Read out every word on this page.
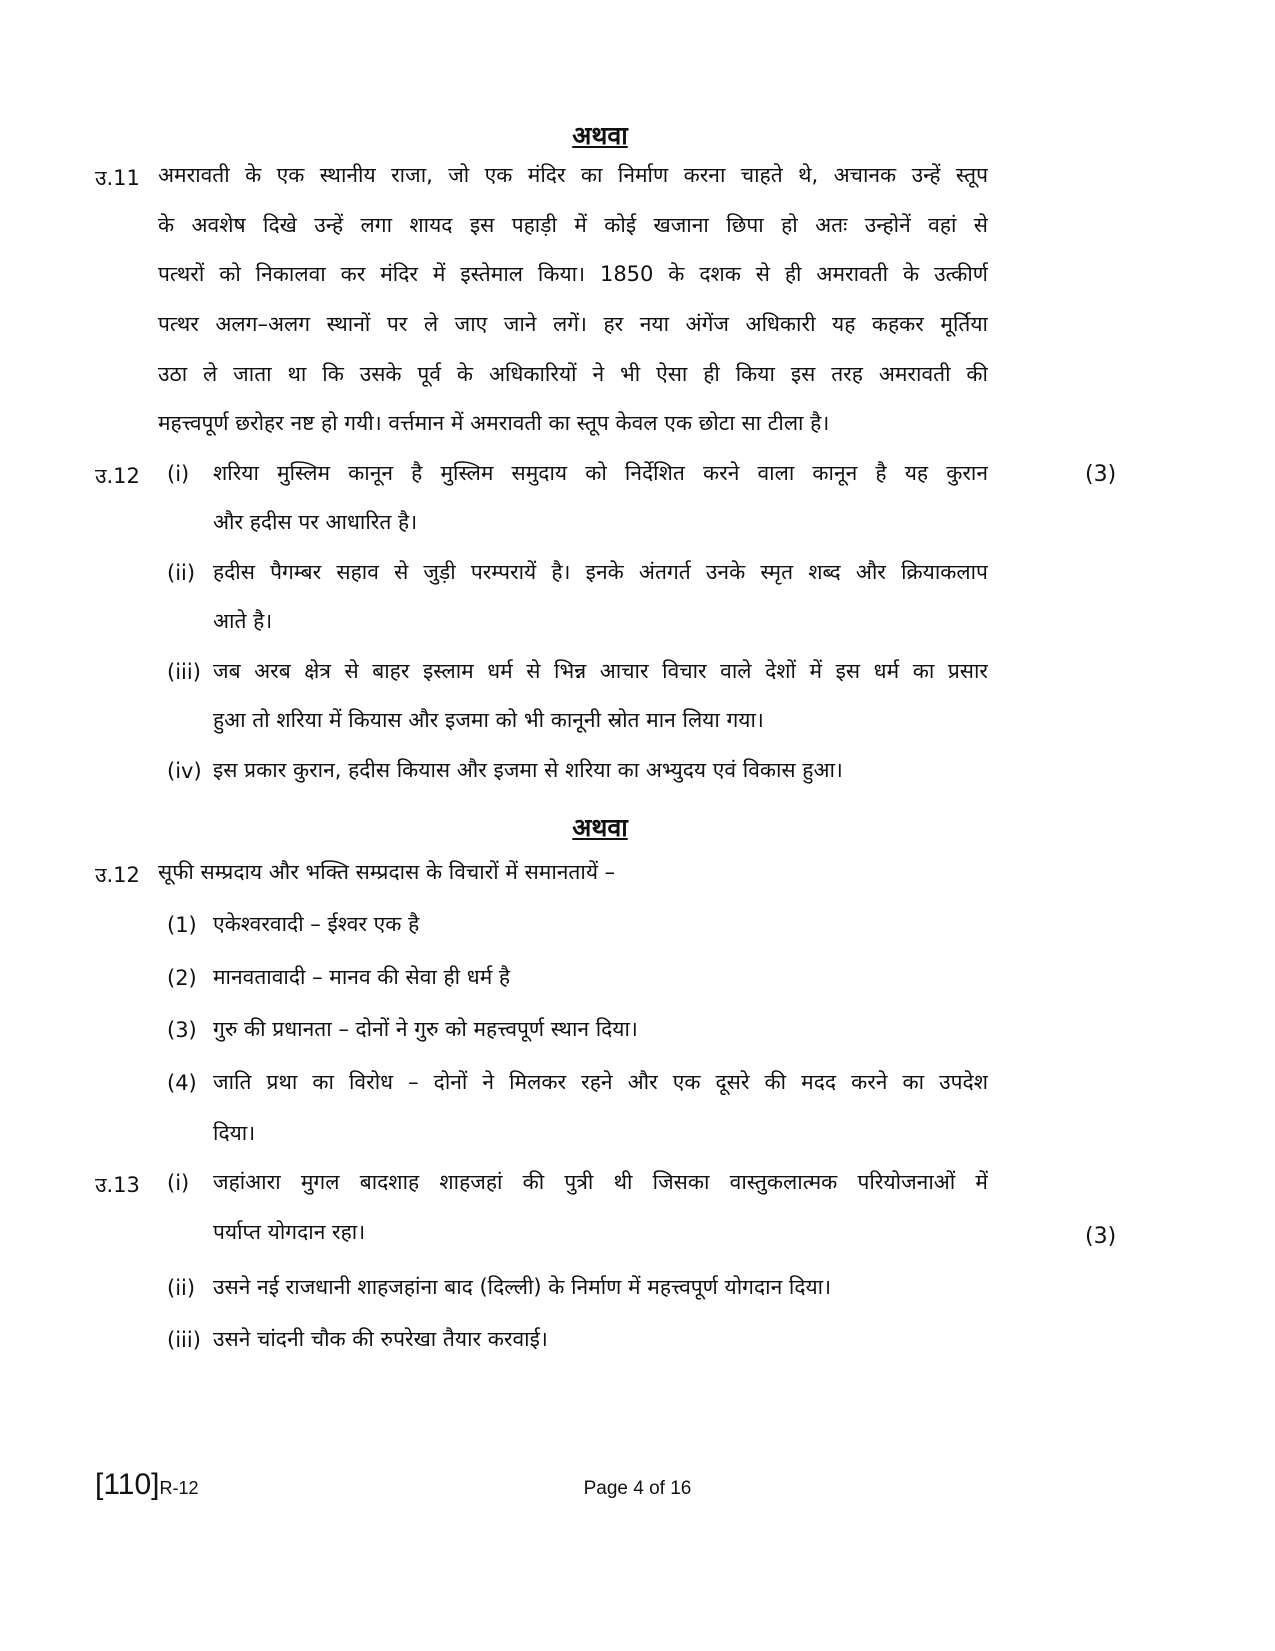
अथवा
उ.11 अमरावती के एक स्थानीय राजा, जो एक मंदिर का निर्माण करना चाहते थे, अचानक उन्हें स्तूप
के अवशेष दिखे उन्हें लगा शायद इस पहाड़ी में कोई खजाना छिपा हो अतः उन्होनें वहां से
पत्थरों को निकालवा कर मंदिर में इस्तेमाल किया। 1850 के दशक से ही अमरावती के उत्कीर्ण
पत्थर अलग–अलग स्थानों पर ले जाए जाने लगें। हर नया अंगेंज अधिकारी यह कहकर मूर्तिया
उठा ले जाता था कि उसके पूर्व के अधिकारियों ने भी ऐसा ही किया इस तरह अमरावती की
महत्त्वपूर्ण छरोहर नष्ट हो गयी। वर्त्तमान में अमरावती का स्तूप केवल एक छोटा सा टीला है।
उ.12 (i) शरिया मुस्लिम कानून है मुस्लिम समुदाय को निर्देशित करने वाला कानून है यह कुरान
और हदीस पर आधारित है।
(3)
(ii) हदीस पैगम्बर सहाव से जुड़ी परम्परायें है। इनके अंतगर्त उनके स्मृत शब्द और क्रियाकलाप
आते है।
(iii) जब अरब क्षेत्र से बाहर इस्लाम धर्म से भिन्न आचार विचार वाले देशों में इस धर्म का प्रसार
हुआ तो शरिया में कियास और इजमा को भी कानूनी स्रोत मान लिया गया।
(iv) इस प्रकार कुरान, हदीस कियास और इजमा से शरिया का अभ्युदय एवं विकास हुआ।
अथवा
उ.12 सूफी सम्प्रदाय और भक्ति सम्प्रदास के विचारों में समानतायें –
(1) एकेश्वरवादी – ईश्वर एक है
(2) मानवतावादी – मानव की सेवा ही धर्म है
(3) गुरु की प्रधानता – दोनों ने गुरु को महत्त्वपूर्ण स्थान दिया।
(4) जाति प्रथा का विरोध – दोनों ने मिलकर रहने और एक दूसरे की मदद करने का उपदेश
दिया।
उ.13 (i) जहांआरा मुगल बादशाह शाहजहां की पुत्री थी जिसका वास्तुकलात्मक परियोजनाओं में
पर्याप्त योगदान रहा।	(3)
(ii) उसने नई राजधानी शाहजहांना बाद (दिल्ली) के निर्माण में महत्त्वपूर्ण योगदान दिया।
(iii) उसने चांदनी चौक की रुपरेखा तैयार करवाई।
[110]R-12	Page 4 of 16
